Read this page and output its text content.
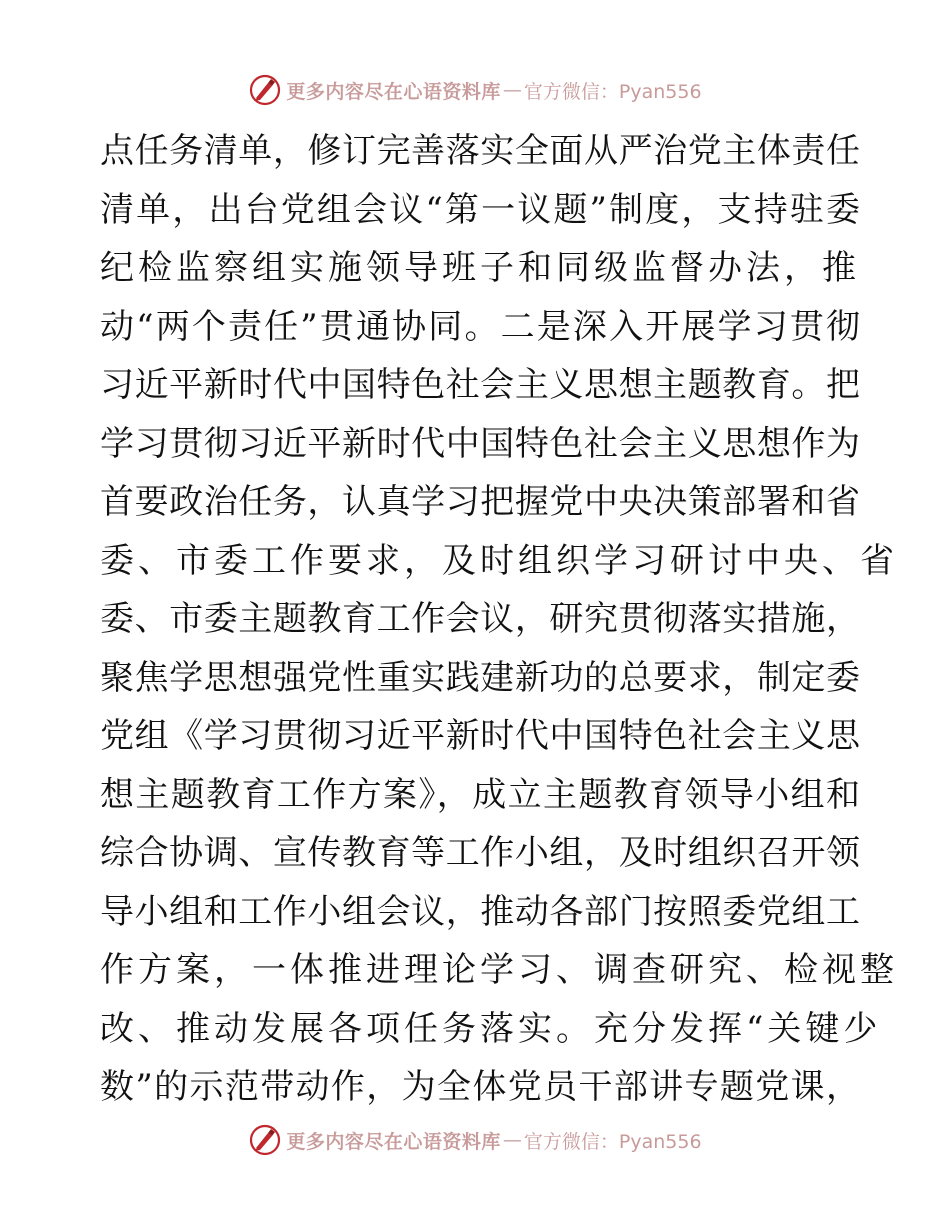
更多内容尽在心语资料库 — 官方微信：Pyan556
点任务清单，修订完善落实全面从严治党主体责任
清单，出台党组会议“第一议题”制度，支持驻委
纪检监察组实施领导班子和同级监督办法，推
动“两个责任”贯通协同。二是深入开展学习贯彻
习近平新时代中国特色社会主义思想主题教育。把
学习贯彻习近平新时代中国特色社会主义思想作为
首要政治任务，认真学习把握党中央决策部署和省
委、市委工作要求，及时组织学习研讨中央、省
委、市委主题教育工作会议，研究贯彻落实措施，
聚焦学思想强党性重实践建新功的总要求，制定委
党组《学习贯彻习近平新时代中国特色社会主义思
想主题教育工作方案》，成立主题教育领导小组和
综合协调、宣传教育等工作小组，及时组织召开领
导小组和工作小组会议，推动各部门按照委党组工
作方案，一体推进理论学习、调查研究、检视整
改、推动发展各项任务落实。充分发挥“关键少
数”的示范带动作，为全体党员干部讲专题党课，
更多内容尽在心语资料库 — 官方微信：Pyan556
